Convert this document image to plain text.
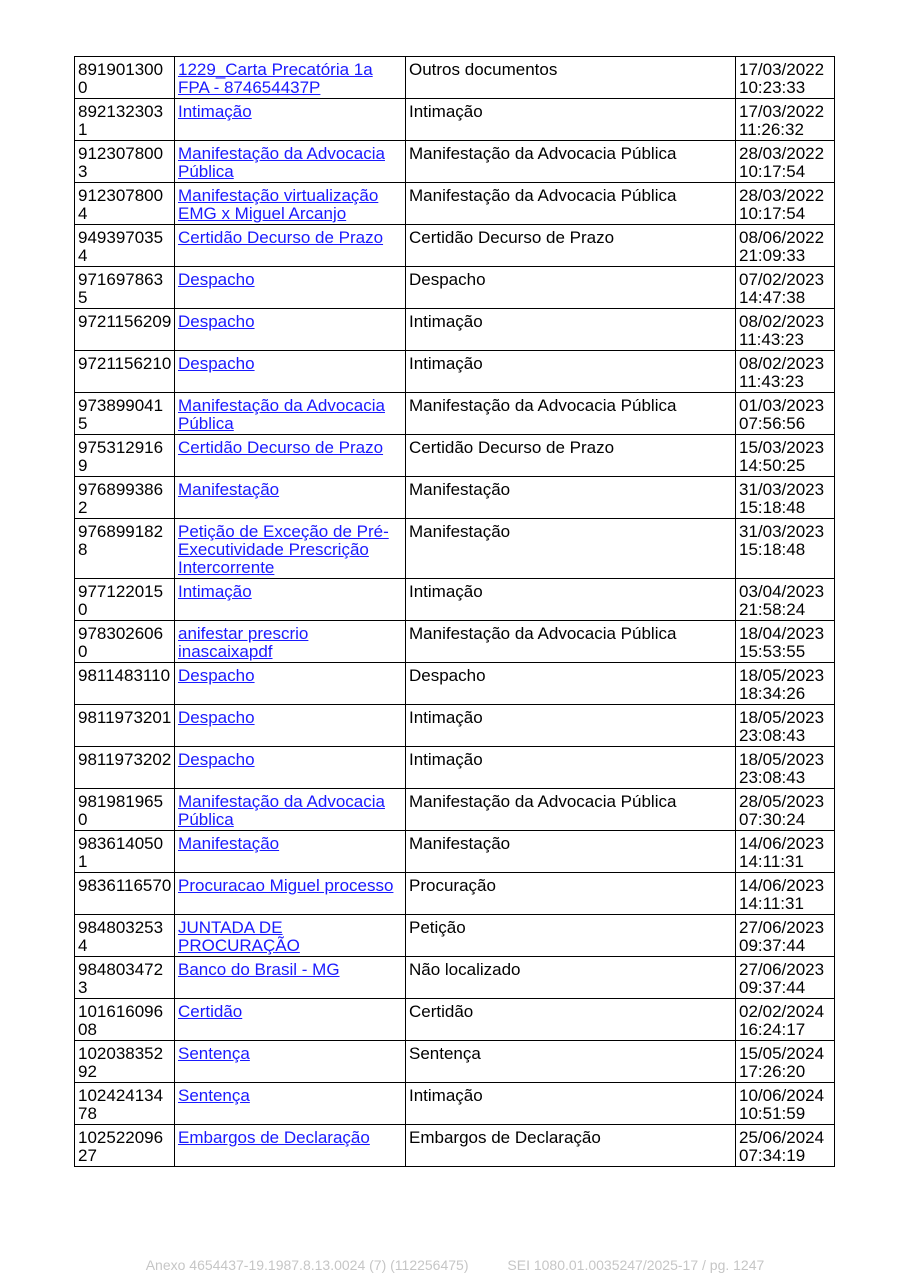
8919013000	1229_Carta Precatória 1a FPA - 874654437P	Outros documentos	17/03/2022 10:23:33
8921323031	Intimação	Intimação	17/03/2022 11:26:32
9123078003	Manifestação da Advocacia Pública	Manifestação da Advocacia Pública	28/03/2022 10:17:54
9123078004	Manifestação virtualização EMG x Miguel Arcanjo	Manifestação da Advocacia Pública	28/03/2022 10:17:54
9493970354	Certidão Decurso de Prazo	Certidão Decurso de Prazo	08/06/2022 21:09:33
9716978635	Despacho	Despacho	07/02/2023 14:47:38
9721156209	Despacho	Intimação	08/02/2023 11:43:23
9721156210	Despacho	Intimação	08/02/2023 11:43:23
9738990415	Manifestação da Advocacia Pública	Manifestação da Advocacia Pública	01/03/2023 07:56:56
9753129169	Certidão Decurso de Prazo	Certidão Decurso de Prazo	15/03/2023 14:50:25
9768993862	Manifestação	Manifestação	31/03/2023 15:18:48
9768991828	Petição de Exceção de Pré-Executividade Prescrição Intercorrente	Manifestação	31/03/2023 15:18:48
9771220150	Intimação	Intimação	03/04/2023 21:58:24
9783026060	anifestar prescrio inascaixapdf	Manifestação da Advocacia Pública	18/04/2023 15:53:55
9811483110	Despacho	Despacho	18/05/2023 18:34:26
9811973201	Despacho	Intimação	18/05/2023 23:08:43
9811973202	Despacho	Intimação	18/05/2023 23:08:43
9819819650	Manifestação da Advocacia Pública	Manifestação da Advocacia Pública	28/05/2023 07:30:24
9836140501	Manifestação	Manifestação	14/06/2023 14:11:31
9836116570	Procuracao Miguel processo	Procuração	14/06/2023 14:11:31
9848032534	JUNTADA DE PROCURAÇÃO	Petição	27/06/2023 09:37:44
9848034723	Banco do Brasil - MG	Não localizado	27/06/2023 09:37:44
10161609608	Certidão	Certidão	02/02/2024 16:24:17
10203835292	Sentença	Sentença	15/05/2024 17:26:20
10242413478	Sentença	Intimação	10/06/2024 10:51:59
10252209627	Embargos de Declaração	Embargos de Declaração	25/06/2024 07:34:19
Anexo 4654437-19.1987.8.13.0024 (7) (112256475)	SEI 1080.01.0035247/2025-17 / pg. 1247
